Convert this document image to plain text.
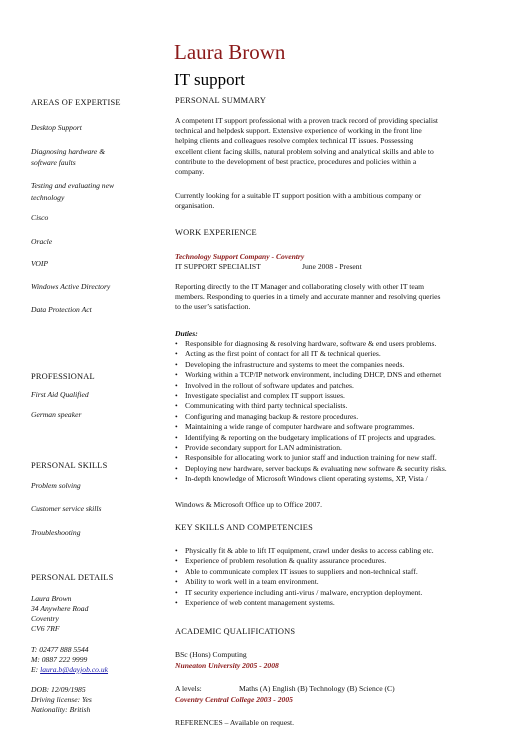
Laura Brown
IT support
AREAS OF EXPERTISE
Desktop Support
Diagnosing hardware &
software faults
Testing and evaluating new
technology
Cisco
Oracle
VOIP
Windows Active Directory
Data Protection Act
PROFESSIONAL
First Aid Qualified
German speaker
PERSONAL SKILLS
Problem solving
Customer service skills
Troubleshooting
PERSONAL DETAILS
Laura Brown
34 Anywhere Road
Coventry
CV6 7RF
T: 02477 888 5544
M: 0887 222 9999
E: laura.b@dayjob.co.uk
DOB: 12/09/1985
Driving license: Yes
Nationality: British
PERSONAL SUMMARY
A competent IT support professional with a proven track record of providing specialist
technical and helpdesk support. Extensive experience of working in the front line
helping clients and colleagues resolve complex technical IT issues. Possessing
excellent client facing skills, natural problem solving and analytical skills and able to
contribute to the development of best practice, procedures and policies within a
company.
Currently looking for a suitable IT support position with a ambitious company or
organisation.
WORK EXPERIENCE
Technology Support Company - Coventry
IT SUPPORT SPECIALIST	June 2008 - Present
Reporting directly to the IT Manager and collaborating closely with other IT team
members. Responding to queries in a timely and accurate manner and resolving queries
to the user’s satisfaction.
Duties:
• Responsible for diagnosing & resolving hardware, software & end users problems.
• Acting as the first point of contact for all IT & technical queries.
• Developing the infrastructure and systems to meet the companies needs.
• Working within a TCP/IP network environment, including DHCP, DNS and ethernet
• Involved in the rollout of software updates and patches.
• Investigate specialist and complex IT support issues.
• Communicating with third party technical specialists.
• Configuring and managing backup & restore procedures.
• Maintaining a wide range of computer hardware and software programmes.
• Identifying & reporting on the budgetary implications of IT projects and upgrades.
• Provide secondary support for LAN administration.
• Responsible for allocating work to junior staff and induction training for new staff.
• Deploying new hardware, server backups & evaluating new software & security risks.
• In-depth knowledge of Microsoft Windows client operating systems, XP, Vista /
Windows & Microsoft Office up to Office 2007.
KEY SKILLS AND COMPETENCIES
• Physically fit & able to lift IT equipment, crawl under desks to access cabling etc.
• Experience of problem resolution & quality assurance procedures.
• Able to communicate complex IT issues to suppliers and non-technical staff.
• Ability to work well in a team environment.
• IT security experience including anti-virus / malware, encryption deployment.
• Experience of web content management systems.
ACADEMIC QUALIFICATIONS
BSc (Hons) Computing
Nuneaton University 2005 - 2008
A levels:	Maths (A) English (B) Technology (B) Science (C)
Coventry Central College 2003 - 2005
REFERENCES – Available on request.
